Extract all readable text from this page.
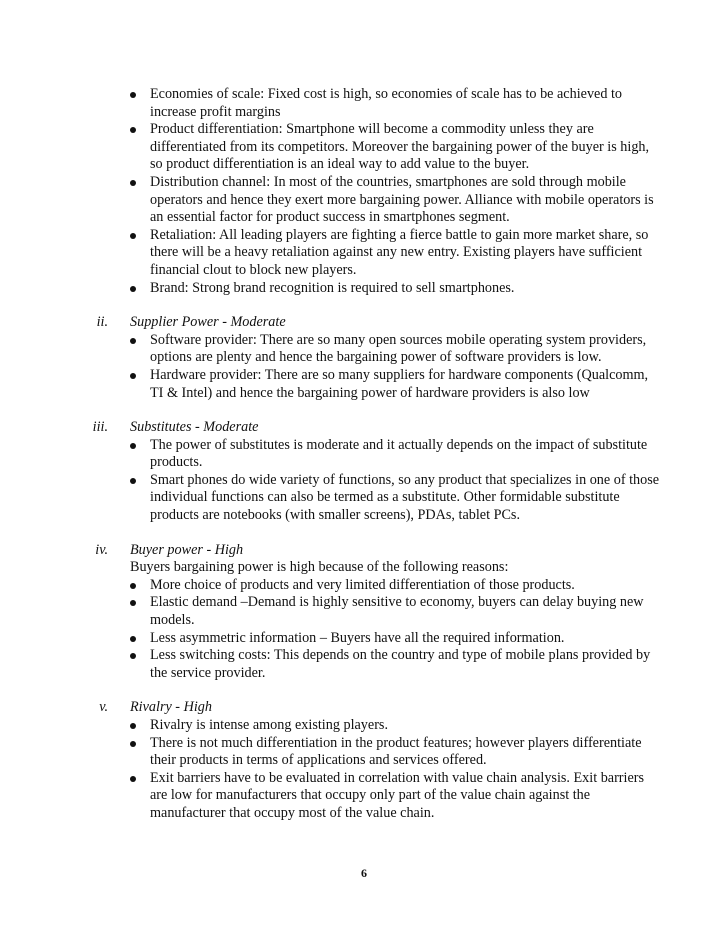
Economies of scale: Fixed cost is high, so economies of scale has to be achieved to increase profit margins
Product differentiation: Smartphone will become a commodity unless they are differentiated from its competitors. Moreover the bargaining power of the buyer is high, so product differentiation is an ideal way to add value to the buyer.
Distribution channel: In most of the countries, smartphones are sold through mobile operators and hence they exert more bargaining power. Alliance with mobile operators is an essential factor for product success in smartphones segment.
Retaliation: All leading players are fighting a fierce battle to gain more market share, so there will be a heavy retaliation against any new entry. Existing players have sufficient financial clout to block new players.
Brand: Strong brand recognition is required to sell smartphones.
ii. Supplier Power - Moderate
Software provider: There are so many open sources mobile operating system providers, options are plenty and hence the bargaining power of software providers is low.
Hardware provider: There are so many suppliers for hardware components (Qualcomm, TI & Intel) and hence the bargaining power of hardware providers is also low
iii. Substitutes - Moderate
The power of substitutes is moderate and it actually depends on the impact of substitute products.
Smart phones do wide variety of functions, so any product that specializes in one of those individual functions can also be termed as a substitute. Other formidable substitute products are notebooks (with smaller screens), PDAs, tablet PCs.
iv. Buyer power - High
Buyers bargaining power is high because of the following reasons:
More choice of products and very limited differentiation of those products.
Elastic demand –Demand is highly sensitive to economy, buyers can delay buying new models.
Less asymmetric information – Buyers have all the required information.
Less switching costs: This depends on the country and type of mobile plans provided by the service provider.
v. Rivalry - High
Rivalry is intense among existing players.
There is not much differentiation in the product features; however players differentiate their products in terms of applications and services offered.
Exit barriers have to be evaluated in correlation with value chain analysis. Exit barriers are low for manufacturers that occupy only part of the value chain against the manufacturer that occupy most of the value chain.
6
